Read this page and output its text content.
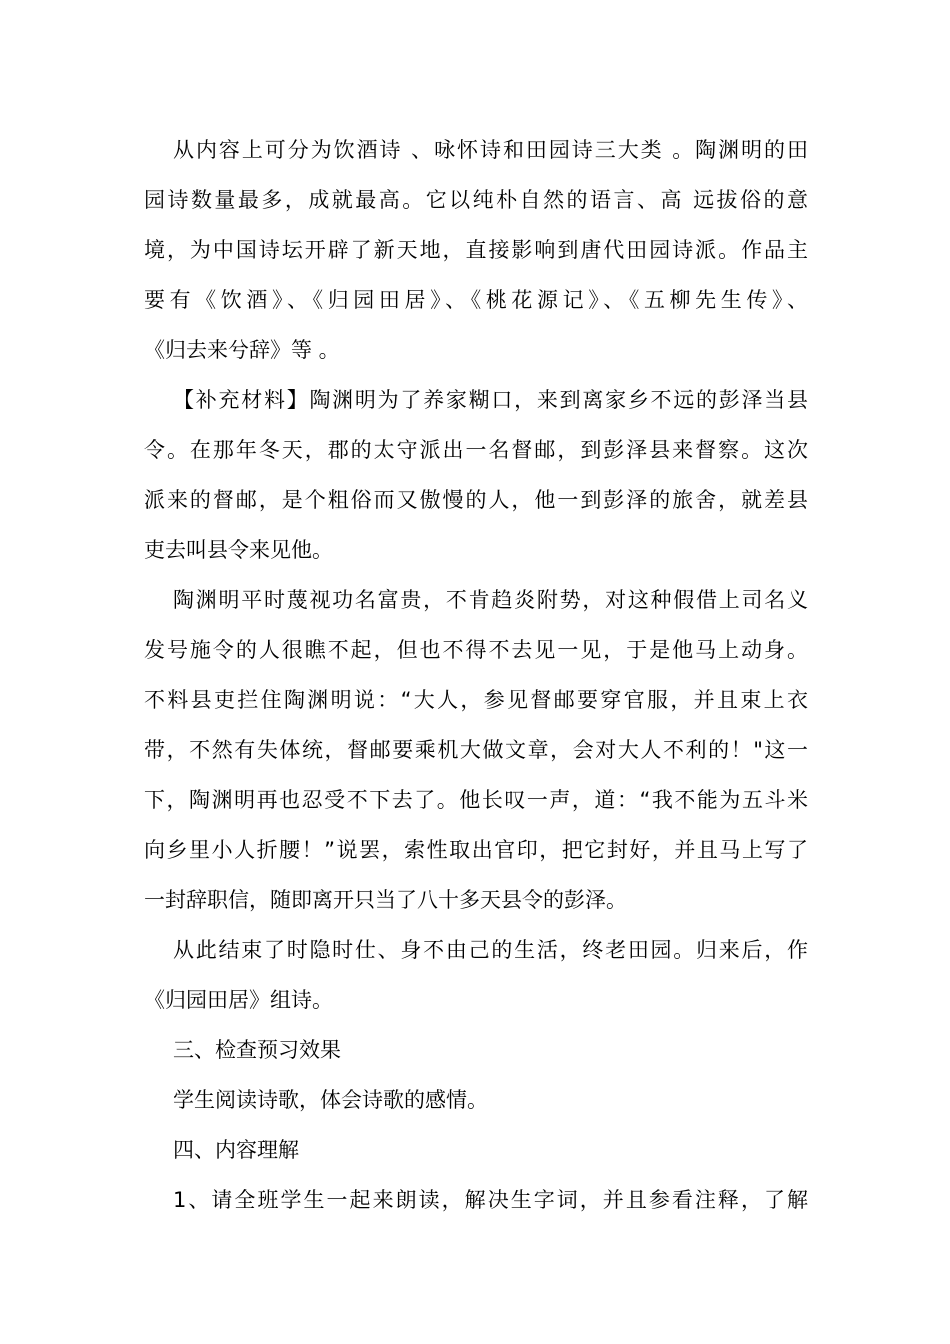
从内容上可分为饮酒诗 、咏怀诗和田园诗三大类 。陶渊明的田
园诗数量最多，成就最高。它以纯朴自然的语言、高 远拔俗的意
境，为中国诗坛开辟了新天地，直接影响到唐代田园诗派。作品主
要有《饮酒》、《归园田居》、《桃花源记》、《五柳先生传》、
《归去来兮辞》等 。
【补充材料】陶渊明为了养家糊口，来到离家乡不远的彭泽当县
令。在那年冬天，郡的太守派出一名督邮，到彭泽县来督察。这次
派来的督邮，是个粗俗而又傲慢的人，他一到彭泽的旅舍，就差县
吏去叫县令来见他。
陶渊明平时蔑视功名富贵，不肯趋炎附势，对这种假借上司名义
发号施令的人很瞧不起，但也不得不去见一见，于是他马上动身。
不料县吏拦住陶渊明说：“大人，参见督邮要穿官服，并且束上衣
带，不然有失体统，督邮要乘机大做文章，会对大人不利的！"这一
下，陶渊明再也忍受不下去了。他长叹一声，道：“我不能为五斗米
向乡里小人折腰！”说罢，索性取出官印，把它封好，并且马上写了
一封辞职信，随即离开只当了八十多天县令的彭泽。
从此结束了时隐时仕、身不由己的生活，终老田园。归来后，作
《归园田居》组诗。
三、检查预习效果
学生阅读诗歌，体会诗歌的感情。
四、内容理解
1、请全班学生一起来朗读，解决生字词，并且参看注释，了解
